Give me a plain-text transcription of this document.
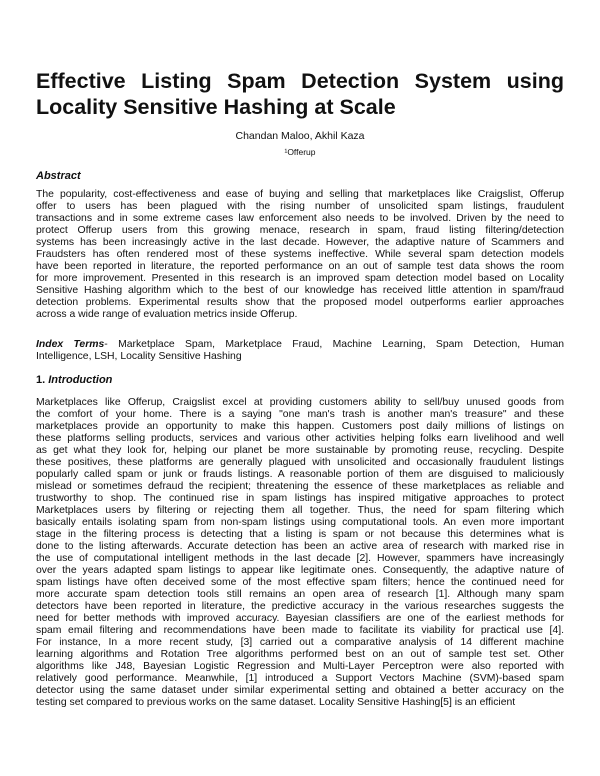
Effective Listing Spam Detection System using
Locality Sensitive Hashing at Scale
Chandan Maloo, Akhil Kaza
¹Offerup
Abstract
The popularity, cost-effectiveness and ease of buying and selling that marketplaces like Craigslist, Offerup
offer to users has been plagued with the rising number of unsolicited spam listings, fraudulent
transactions and in some extreme cases law enforcement also needs to be involved. Driven by the need to
protect Offerup users from this growing menace, research in spam, fraud listing filtering/detection
systems has been increasingly active in the last decade. However, the adaptive nature of Scammers and
Fraudsters has often rendered most of these systems ineffective. While several spam detection models
have been reported in literature, the reported performance on an out of sample test data shows the room
for more improvement. Presented in this research is an improved spam detection model based on Locality
Sensitive Hashing algorithm which to the best of our knowledge has received little attention in spam/fraud
detection problems. Experimental results show that the proposed model outperforms earlier approaches
across a wide range of evaluation metrics inside Offerup.
Index Terms- Marketplace Spam, Marketplace Fraud, Machine Learning, Spam Detection, Human
Intelligence, LSH, Locality Sensitive Hashing
1. Introduction
Marketplaces like Offerup, Craigslist excel at providing customers ability to sell/buy unused goods from
the comfort of your home. There is a saying "one man's trash is another man's treasure" and these
marketplaces provide an opportunity to make this happen. Customers post daily millions of listings on
these platforms selling products, services and various other activities helping folks earn livelihood and well
as get what they look for, helping our planet be more sustainable by promoting reuse, recycling. Despite
these positives, these platforms are generally plagued with unsolicited and occasionally fraudulent listings
popularly called spam or junk or frauds listings. A reasonable portion of them are disguised to maliciously
mislead or sometimes defraud the recipient; threatening the essence of these marketplaces as reliable and
trustworthy to shop. The continued rise in spam listings has inspired mitigative approaches to protect
Marketplaces users by filtering or rejecting them all together. Thus, the need for spam filtering which
basically entails isolating spam from non-spam listings using computational tools. An even more important
stage in the filtering process is detecting that a listing is spam or not because this determines what is
done to the listing afterwards. Accurate detection has been an active area of research with marked rise in
the use of computational intelligent methods in the last decade [2]. However, spammers have increasingly
over the years adapted spam listings to appear like legitimate ones. Consequently, the adaptive nature of
spam listings have often deceived some of the most effective spam filters; hence the continued need for
more accurate spam detection tools still remains an open area of research [1]. Although many spam
detectors have been reported in literature, the predictive accuracy in the various researches suggests the
need for better methods with improved accuracy. Bayesian classifiers are one of the earliest methods for
spam email filtering and recommendations have been made to facilitate its viability for practical use [4].
For instance, In a more recent study, [3] carried out a comparative analysis of 14 different machine
learning algorithms and Rotation Tree algorithms performed best on an out of sample test set. Other
algorithms like J48, Bayesian Logistic Regression and Multi-Layer Perceptron were also reported with
relatively good performance. Meanwhile, [1] introduced a Support Vectors Machine (SVM)-based spam
detector using the same dataset under similar experimental setting and obtained a better accuracy on the
testing set compared to previous works on the same dataset. Locality Sensitive Hashing[5] is an efficient
